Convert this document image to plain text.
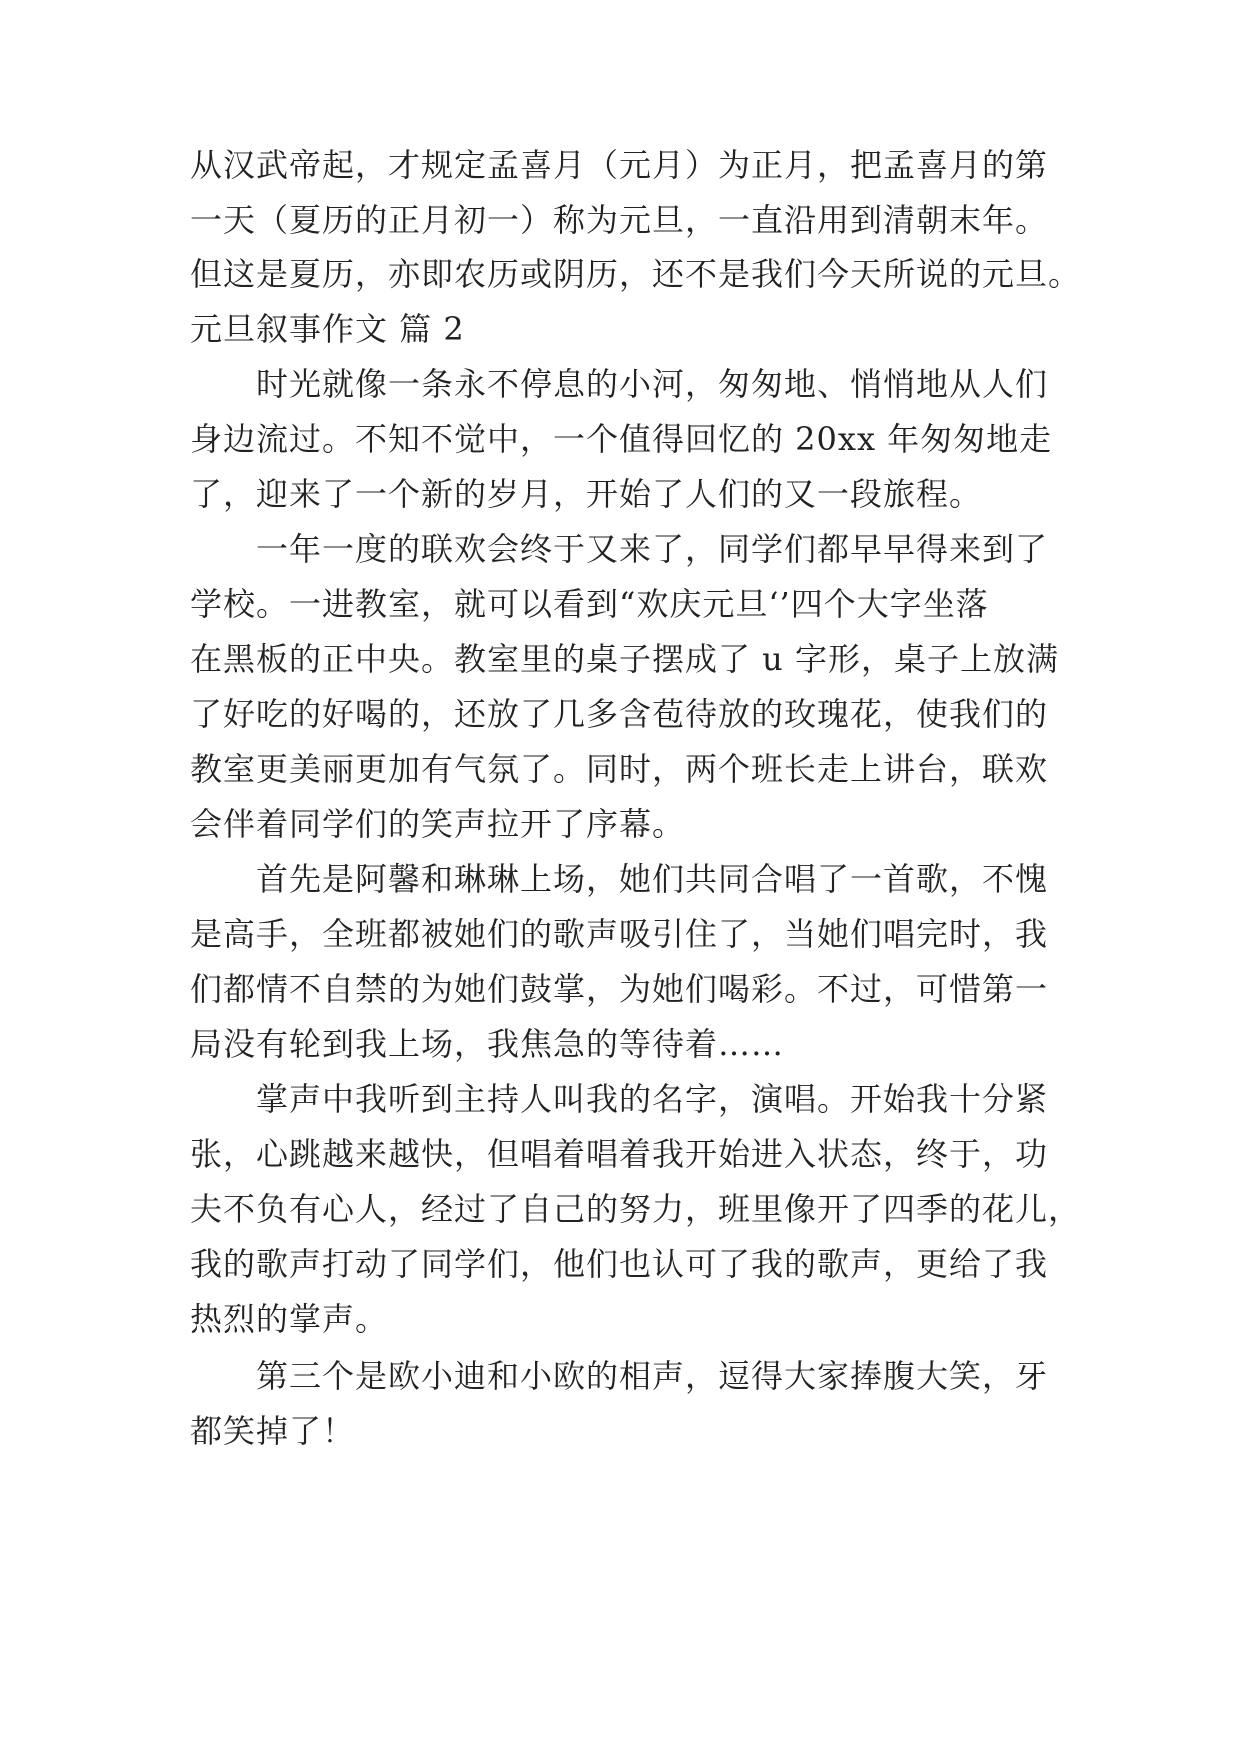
从汉武帝起，才规定孟喜月（元月）为正月，把孟喜月的第
一天（夏历的正月初一）称为元旦，一直沿用到清朝末年。
但这是夏历，亦即农历或阴历，还不是我们今天所说的元旦。
元旦叙事作文 篇 2
时光就像一条永不停息的小河，匆匆地、悄悄地从人们
身边流过。不知不觉中，一个值得回忆的 20xx 年匆匆地走
了，迎来了一个新的岁月，开始了人们的又一段旅程。
一年一度的联欢会终于又来了，同学们都早早得来到了
学校。一进教室，就可以看到“欢庆元旦‘’四个大字坐落
在黑板的正中央。教室里的桌子摆成了 u 字形，桌子上放满
了好吃的好喝的，还放了几多含苞待放的玫瑰花，使我们的
教室更美丽更加有气氛了。同时，两个班长走上讲台，联欢
会伴着同学们的笑声拉开了序幕。
首先是阿馨和琳琳上场，她们共同合唱了一首歌，不愧
是高手，全班都被她们的歌声吸引住了，当她们唱完时，我
们都情不自禁的为她们鼓掌，为她们喝彩。不过，可惜第一
局没有轮到我上场，我焦急的等待着……
掌声中我听到主持人叫我的名字，演唱。开始我十分紧
张，心跳越来越快，但唱着唱着我开始进入状态，终于，功
夫不负有心人，经过了自己的努力，班里像开了四季的花儿，
我的歌声打动了同学们，他们也认可了我的歌声，更给了我
热烈的掌声。
第三个是欧小迪和小欧的相声，逗得大家捧腹大笑，牙
都笑掉了！
